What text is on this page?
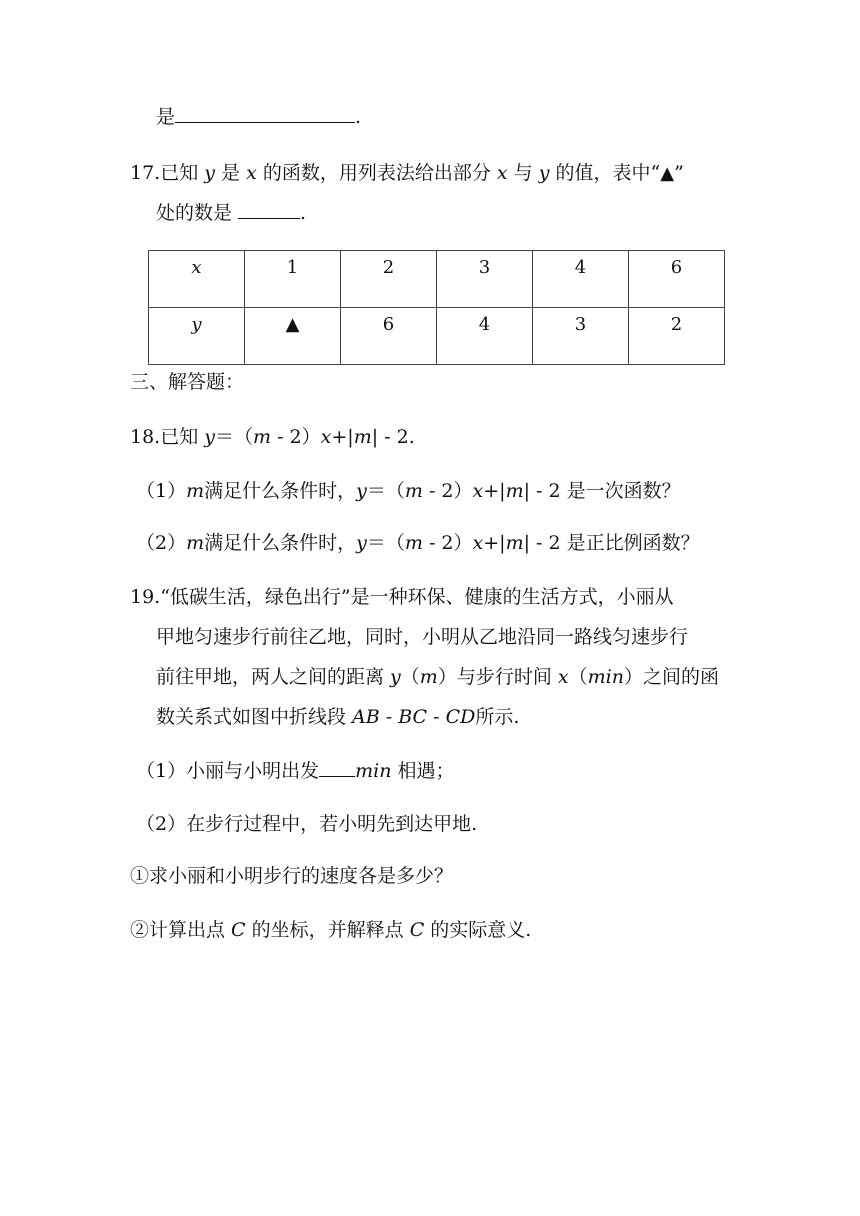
是	.
17.已知 y 是 x 的函数，用列表法给出部分 x 与 y 的值，表中“▲”
处的数是	.
x	1	2	3	4	6
y	▲	6	4	3	2
三、解答题：
18.已知 y＝（m - 2）x+|m| - 2.
（1）m满足什么条件时，y＝（m - 2）x+|m| - 2 是一次函数？
（2）m满足什么条件时，y＝（m - 2）x+|m| - 2 是正比例函数？
19.“低碳生活，绿色出行”是一种环保、健康的生活方式，小丽从
甲地匀速步行前往乙地，同时，小明从乙地沿同一路线匀速步行
前往甲地，两人之间的距离 y（m）与步行时间 x（min）之间的函
数关系式如图中折线段 AB - BC - CD所示.
（1）小丽与小明出发 min 相遇；
（2）在步行过程中，若小明先到达甲地.
①求小丽和小明步行的速度各是多少？
②计算出点 C 的坐标，并解释点 C 的实际意义.
